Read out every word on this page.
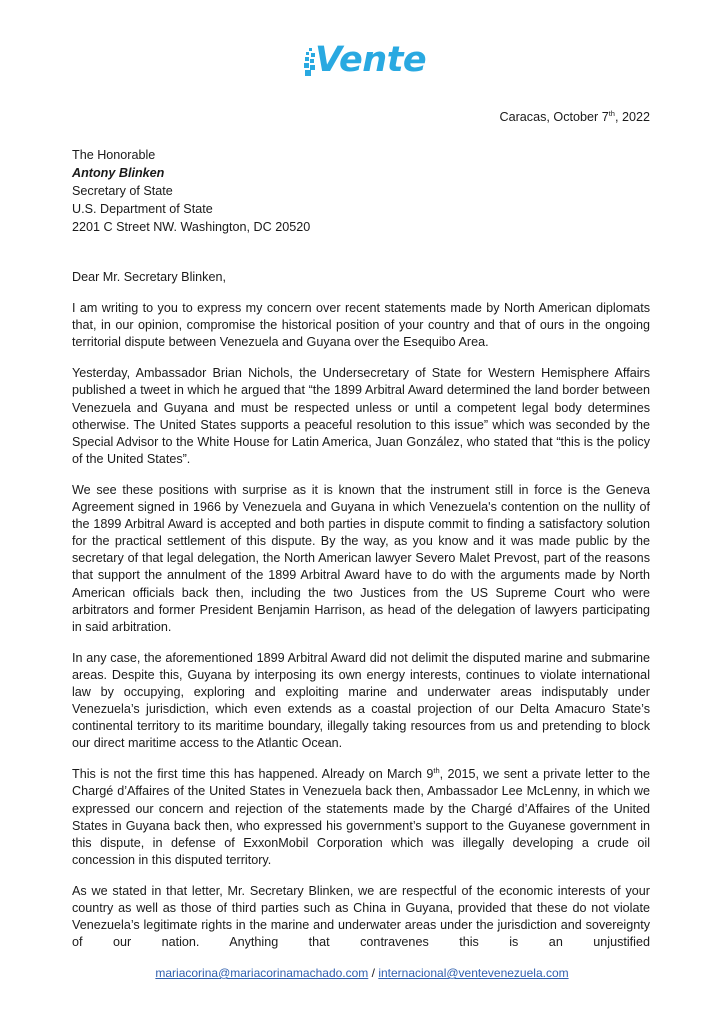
Vente
Caracas, October 7th, 2022
The Honorable
Antony Blinken
Secretary of State
U.S. Department of State
2201 C Street NW. Washington, DC 20520
Dear Mr. Secretary Blinken,

I am writing to you to express my concern over recent statements made by North American diplomats that, in our opinion, compromise the historical position of your country and that of ours in the ongoing territorial dispute between Venezuela and Guyana over the Esequibo Area.

Yesterday, Ambassador Brian Nichols, the Undersecretary of State for Western Hemisphere Affairs published a tweet in which he argued that “the 1899 Arbitral Award determined the land border between Venezuela and Guyana and must be respected unless or until a competent legal body determines otherwise. The United States supports a peaceful resolution to this issue” which was seconded by the Special Advisor to the White House for Latin America, Juan González, who stated that “this is the policy of the United States”.

We see these positions with surprise as it is known that the instrument still in force is the Geneva Agreement signed in 1966 by Venezuela and Guyana in which Venezuela's contention on the nullity of the 1899 Arbitral Award is accepted and both parties in dispute commit to finding a satisfactory solution for the practical settlement of this dispute. By the way, as you know and it was made public by the secretary of that legal delegation, the North American lawyer Severo Malet Prevost, part of the reasons that support the annulment of the 1899 Arbitral Award have to do with the arguments made by North American officials back then, including the two Justices from the US Supreme Court who were arbitrators and former President Benjamin Harrison, as head of the delegation of lawyers participating in said arbitration.

In any case, the aforementioned 1899 Arbitral Award did not delimit the disputed marine and submarine areas. Despite this, Guyana by interposing its own energy interests, continues to violate international law by occupying, exploring and exploiting marine and underwater areas indisputably under Venezuela’s jurisdiction, which even extends as a coastal projection of our Delta Amacuro State’s continental territory to its maritime boundary, illegally taking resources from us and pretending to block our direct maritime access to the Atlantic Ocean.

This is not the first time this has happened. Already on March 9th, 2015, we sent a private letter to the Chargé d’Affaires of the United States in Venezuela back then, Ambassador Lee McLenny, in which we expressed our concern and rejection of the statements made by the Chargé d’Affaires of the United States in Guyana back then, who expressed his government’s support to the Guyanese government in this dispute, in defense of ExxonMobil Corporation which was illegally developing a crude oil concession in this disputed territory.

As we stated in that letter, Mr. Secretary Blinken, we are respectful of the economic interests of your country as well as those of third parties such as China in Guyana, provided that these do not violate Venezuela’s legitimate rights in the marine and underwater areas under the jurisdiction and sovereignty of our nation. Anything that contravenes this is an unjustified

mariacorina@mariacorinamachado.com / internacional@ventevenezuela.com
